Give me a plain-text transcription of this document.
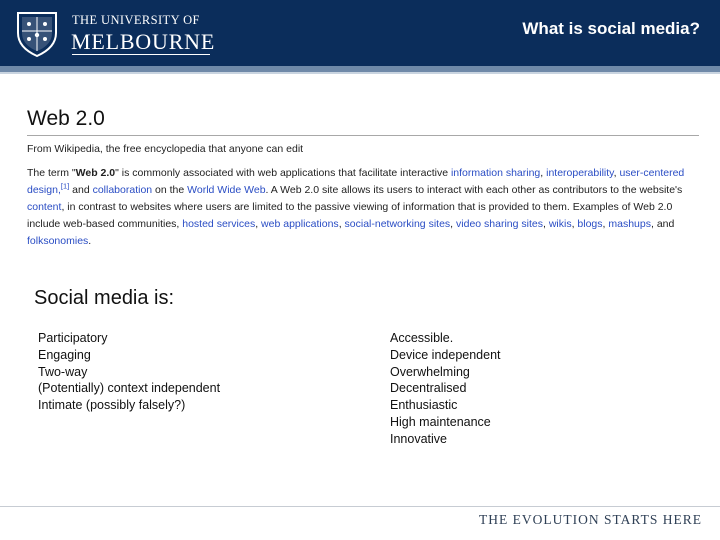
THE UNIVERSITY OF
MELBOURNE
What is social media?
Web 2.0
From Wikipedia, the free encyclopedia that anyone can edit

The term "Web 2.0" is commonly associated with web applications that facilitate interactive information sharing, interoperability, user-centered design,[1] and collaboration on the World Wide Web. A Web 2.0 site allows its users to interact with each other as contributors to the website's content, in contrast to websites where users are limited to the passive viewing of information that is provided to them. Examples of Web 2.0 include web-based communities, hosted services, web applications, social-networking sites, video sharing sites, wikis, blogs, mashups, and folksonomies.

Social media is:
Participatory
Engaging
Two-way
(Potentially) context independent
Intimate (possibly falsely?)
Accessible.
Device independent
Overwhelming
Decentralised
Enthusiastic
High maintenance
Innovative
THE EVOLUTION STARTS HERE
